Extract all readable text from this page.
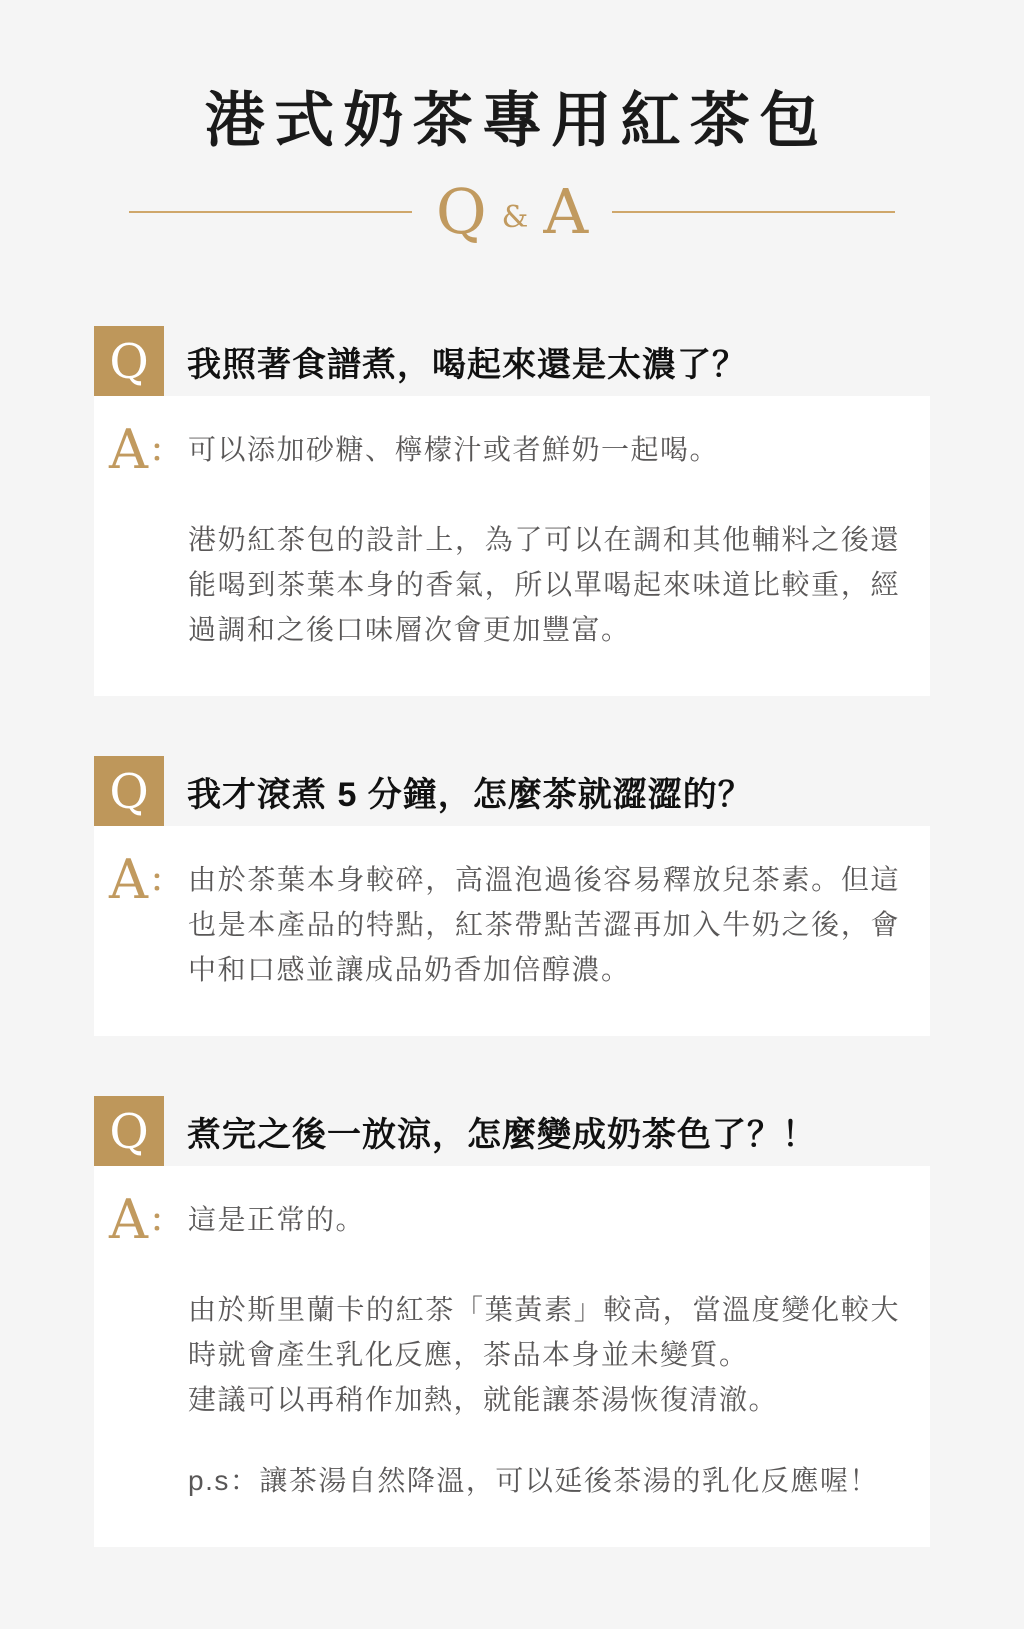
港式奶茶專用紅茶包
Q & A
Q 我照著食譜煮，喝起來還是太濃了？
A ： 可以添加砂糖、檸檬汁或者鮮奶一起喝。

港奶紅茶包的設計上，為了可以在調和其他輔料之後還能喝到茶葉本身的香氣，所以單喝起來味道比較重，經過調和之後口味層次會更加豐富。

Q 我才滾煮 5 分鐘，怎麼茶就澀澀的？
A ： 由於茶葉本身較碎，高溫泡過後容易釋放兒茶素。但這也是本產品的特點，紅茶帶點苦澀再加入牛奶之後，會中和口感並讓成品奶香加倍醇濃。

Q 煮完之後一放涼，怎麼變成奶茶色了？！
A ： 這是正常的。

由於斯里蘭卡的紅茶「葉黃素」較高，當溫度變化較大時就會產生乳化反應，茶品本身並未變質。

建議可以再稍作加熱，就能讓茶湯恢復清澈。

p.s：讓茶湯自然降溫，可以延後茶湯的乳化反應喔！
